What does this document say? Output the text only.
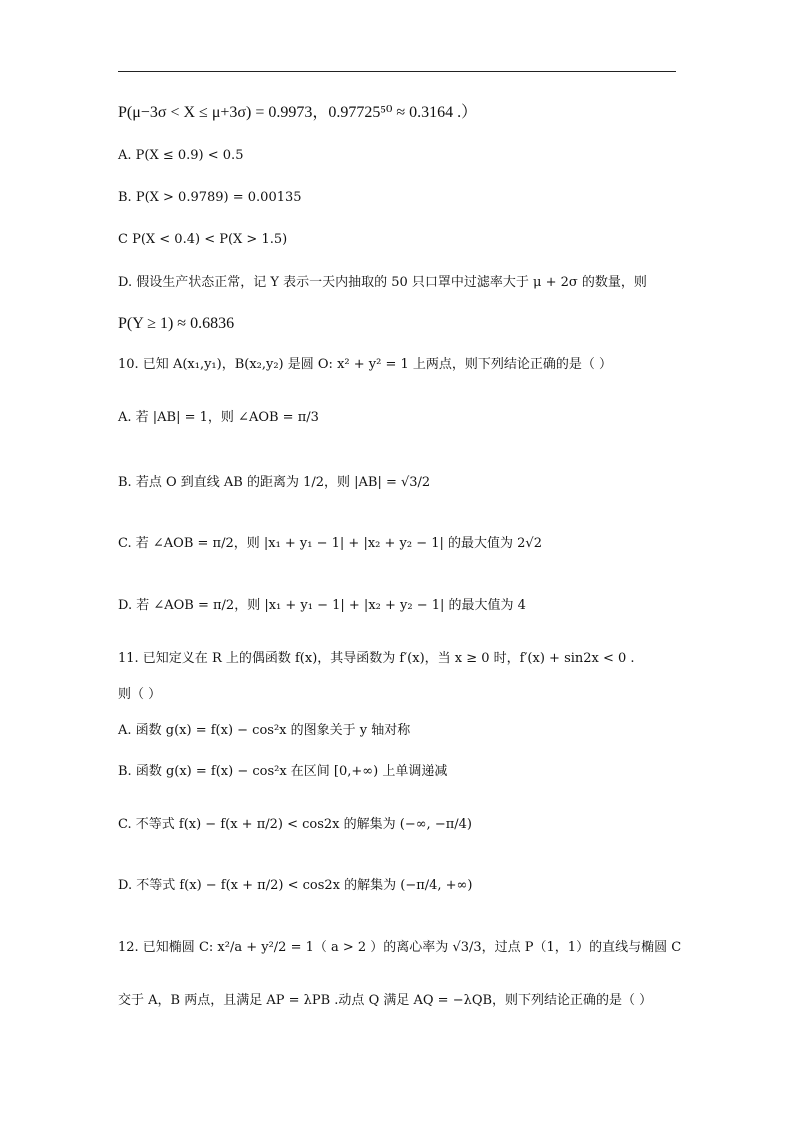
P(μ−3σ < X ≤ μ+3σ) = 0.9973，0.97725⁵⁰ ≈ 0.3164 .）
A. P(X ≤ 0.9) < 0.5
B. P(X > 0.9789) = 0.00135
C P(X < 0.4) < P(X > 1.5)
D. 假设生产状态正常，记 Y 表示一天内抽取的 50 只口罩中过滤率大于 μ + 2σ 的数量，则
P(Y ≥ 1) ≈ 0.6836
10. 已知 A(x₁,y₁)，B(x₂,y₂) 是圆 O: x² + y² = 1 上两点，则下列结论正确的是（ ）
A. 若 |AB| = 1，则 ∠AOB = π/3
B. 若点 O 到直线 AB 的距离为 1/2，则 |AB| = √3/2
C. 若 ∠AOB = π/2，则 |x₁ + y₁ − 1| + |x₂ + y₂ − 1| 的最大值为 2√2
D. 若 ∠AOB = π/2，则 |x₁ + y₁ − 1| + |x₂ + y₂ − 1| 的最大值为 4
11. 已知定义在 R 上的偶函数 f(x)，其导函数为 f′(x)，当 x ≥ 0 时，f′(x) + sin2x < 0 .
则（ ）
A. 函数 g(x) = f(x) − cos²x 的图象关于 y 轴对称
B. 函数 g(x) = f(x) − cos²x 在区间 [0,+∞) 上单调递减
C. 不等式 f(x) − f(x + π/2) < cos2x 的解集为 (−∞, −π/4)
D. 不等式 f(x) − f(x + π/2) < cos2x 的解集为 (−π/4, +∞)
12. 已知椭圆 C: x²/a + y²/2 = 1（ a > 2 ）的离心率为 √3/3，过点 P（1，1）的直线与椭圆 C
交于 A，B 两点，且满足 AP = λPB .动点 Q 满足 AQ = −λQB，则下列结论正确的是（ ）
